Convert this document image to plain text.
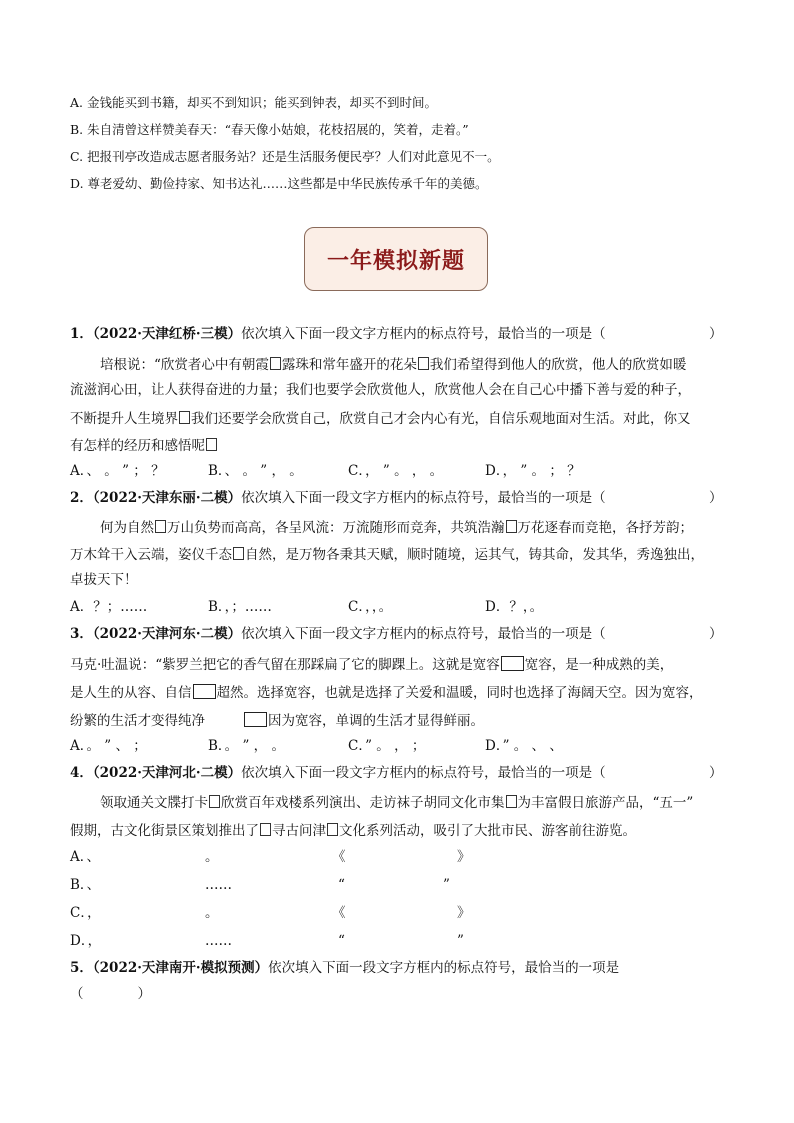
A. 金钱能买到书籍，却买不到知识；能买到钟表，却买不到时间。
B. 朱自清曾这样赞美春天：“春天像小姑娘，花枝招展的，笑着，走着。”
C. 把报刊亭改造成志愿者服务站？还是生活服务便民亭？人们对此意见不一。
D. 尊老爱幼、勤俭持家、知书达礼……这些都是中华民族传承千年的美德。
一年模拟新题
1．（2022·天津红桥·三模）依次填入下面一段文字方框内的标点符号，最恰当的一项是（	）
培根说：“欣赏者心中有朝霞 露珠和常年盛开的花朵 我们希望得到他人的欣赏，他人的欣赏如暖
流滋润心田，让人获得奋进的力量；我们也要学会欣赏他人，欣赏他人会在自己心中播下善与爱的种子，
不断提升人生境界 我们还要学会欣赏自己，欣赏自己才会内心有光，自信乐观地面对生活。对此，你又
有怎样的经历和感悟呢
A．、 。 ” ； ？	B．、 。 ” ， 。	C．， ” 。 ， 。	D．， ” 。 ； ？
2．（2022·天津东丽·二模）依次填入下面一段文字方框内的标点符号，最恰当的一项是（	）
何为自然 万山负势而高高，各呈风流：万流随形而竞奔，共筑浩瀚 万花逐春而竞艳，各抒芳韵；
万木耸干入云端，姿仪千态 自然，是万物各秉其天赋，顺时随境，运其气，铸其命，发其华，秀逸独出，
卓拔天下！
A．？；……	B．，；……	C．，，。	D．？，。
3．（2022·天津河东·二模）依次填入下面一段文字方框内的标点符号，最恰当的一项是（	）
马克·吐温说：“紫罗兰把它的香气留在那踩扁了它的脚踝上。这就是宽容 宽容，是一种成熟的美，
是人生的从容、自信 超然。选择宽容，也就是选择了关爱和温暖，同时也选择了海阔天空。因为宽容，
纷繁的生活才变得纯净	因为宽容，单调的生活才显得鲜丽。
A．。 ” 、 ；	B．。 ” ， 。	C．” 。 ， ；	D．” 。 、 、
4．（2022·天津河北·二模）依次填入下面一段文字方框内的标点符号，最恰当的一项是（	）
领取通关文牒打卡 欣赏百年戏楼系列演出、走访袜子胡同文化市集 为丰富假日旅游产品，“五一”
假期，古文化街景区策划推出了 寻古问津 文化系列活动，吸引了大批市民、游客前往游览。
A．、	。	《	》
B．、	……	“	”
C．，	。	《	》
D．，	……	“	”
5．（2022·天津南开·模拟预测）依次填入下面一段文字方框内的标点符号，最恰当的一项是
（　　　　）
